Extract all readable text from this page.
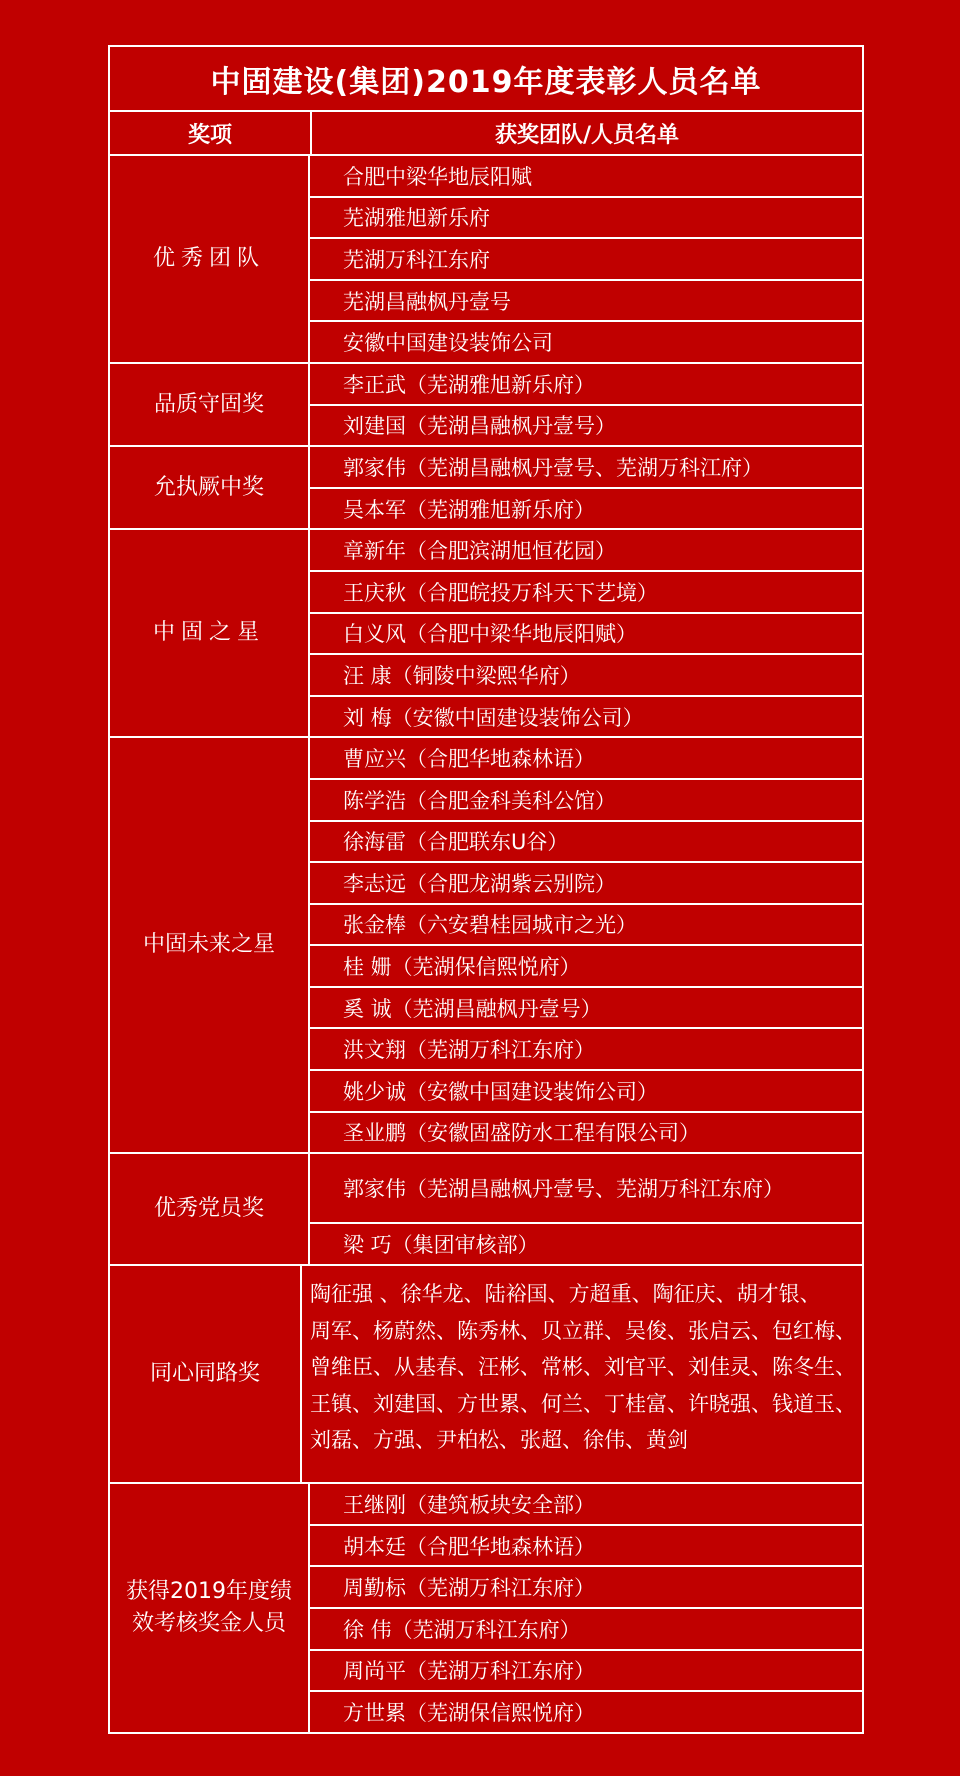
中固建设(集团)2019年度表彰人员名单
奖项	获奖团队/人员名单
优秀团队
合肥中梁华地辰阳赋
芜湖雅旭新乐府
芜湖万科江东府
芜湖昌融枫丹壹号
安徽中国建设装饰公司
品质守固奖
李正武（芜湖雅旭新乐府）
刘建国（芜湖昌融枫丹壹号）
允执厥中奖
郭家伟（芜湖昌融枫丹壹号、芜湖万科江府）
吴本军（芜湖雅旭新乐府）
中固之星
章新年（合肥滨湖旭恒花园）
王庆秋（合肥皖投万科天下艺境）
白义风（合肥中梁华地辰阳赋）
汪 康（铜陵中梁熙华府）
刘 梅（安徽中固建设装饰公司）
中固未来之星
曹应兴（合肥华地森林语）
陈学浩（合肥金科美科公馆）
徐海雷（合肥联东U谷）
李志远（合肥龙湖紫云别院）
张金棒（六安碧桂园城市之光）
桂 姗（芜湖保信熙悦府）
奚 诚（芜湖昌融枫丹壹号）
洪文翔（芜湖万科江东府）
姚少诚（安徽中国建设装饰公司）
圣业鹏（安徽固盛防水工程有限公司）
优秀党员奖
郭家伟（芜湖昌融枫丹壹号、芜湖万科江东府）
梁 巧（集团审核部）
同心同路奖
陶征强 、徐华龙、陆裕国、方超重、陶征庆、胡才银、
周军、杨蔚然、陈秀林、贝立群、吴俊、张启云、包红梅、
曾维臣、从基春、汪彬、常彬、刘官平、刘佳灵、陈冬生、
王镇、刘建国、方世累、何兰、丁桂富、许晓强、钱道玉、
刘磊、方强、尹柏松、张超、徐伟、黄剑
获得2019年度绩效考核奖金人员
王继刚（建筑板块安全部）
胡本廷（合肥华地森林语）
周勤标（芜湖万科江东府）
徐 伟（芜湖万科江东府）
周尚平（芜湖万科江东府）
方世累（芜湖保信熙悦府）
